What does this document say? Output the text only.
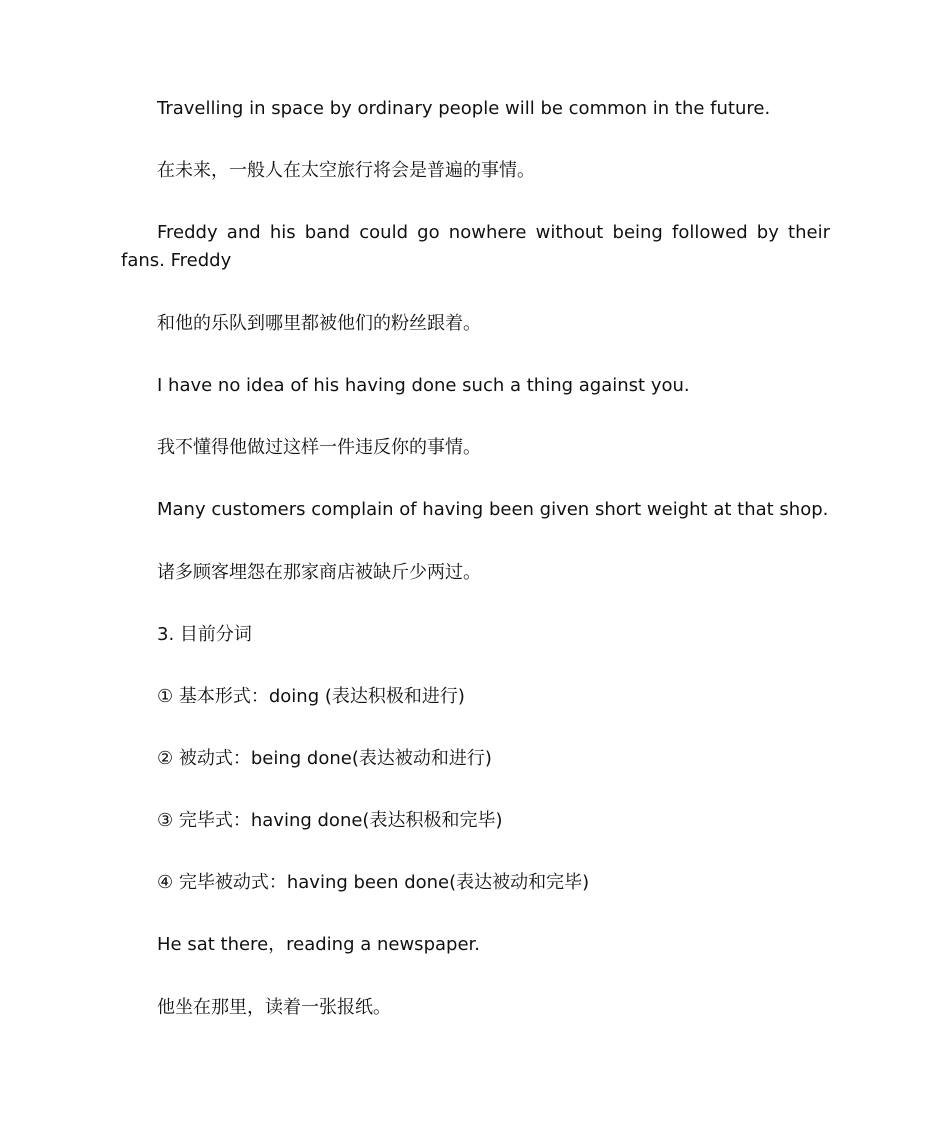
Travelling in space by ordinary people will be common in the future.

在未来，一般人在太空旅行将会是普遍的事情。

Freddy and his band could go nowhere without being followed by their fans. Freddy

和他的乐队到哪里都被他们的粉丝跟着。

I have no idea of his having done such a thing against you.

我不懂得他做过这样一件违反你的事情。

Many customers complain of having been given short weight at that shop.

诸多顾客埋怨在那家商店被缺斤少两过。

3. 目前分词

① 基本形式：doing (表达积极和进行)

② 被动式：being done(表达被动和进行)

③ 完毕式：having done(表达积极和完毕)

④ 完毕被动式：having been done(表达被动和完毕)

He sat there，reading a newspaper.

他坐在那里，读着一张报纸。
